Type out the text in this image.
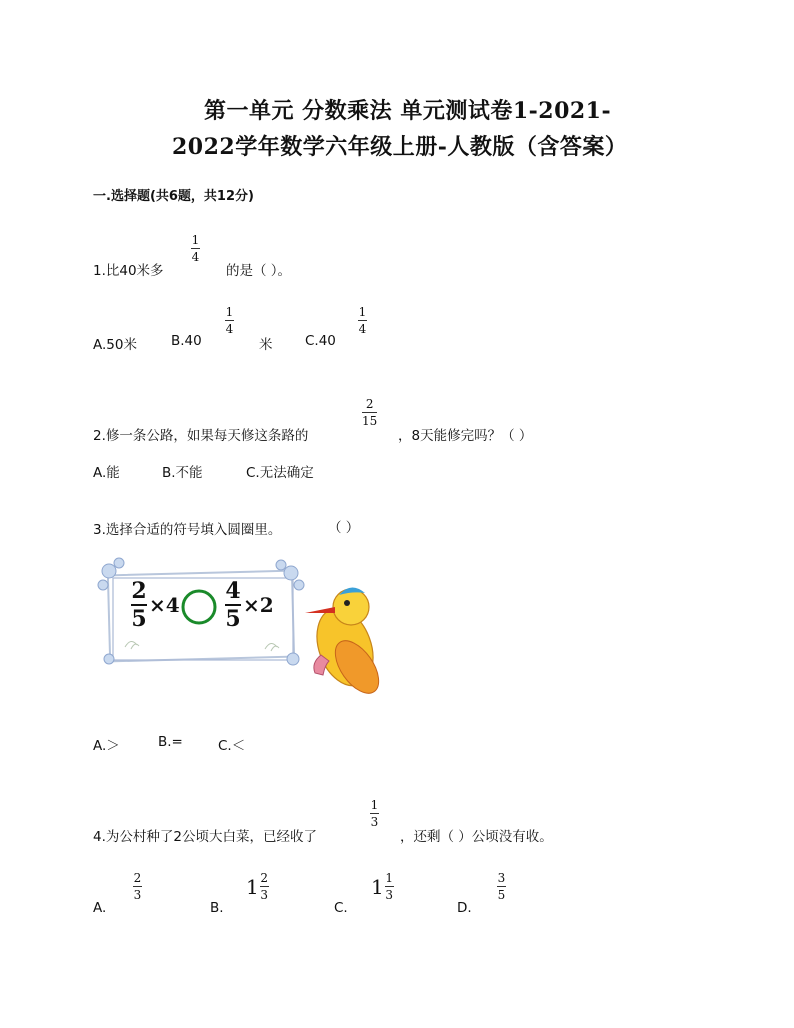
第一单元 分数乘法 单元测试卷1-2021-
2022学年数学六年级上册-人教版（含答案）
一.选择题(共6题，共12分)
1.比40米多
1
4
的是（ ）。
A.50米	B.40
1
4
米 C.40
1
4
2.修一条公路，如果每天修这条路的
2
15
，8天能修完吗？（ ）
A.能	B.不能	C.无法确定
3.选择合适的符号填入圆圈里。	（ ）
2
5
×4
4
5
×2
A.＞	B.=	C.＜
4.为公村种了2公顷大白菜，已经收了
1
3
，还剩（ ）公顷没有收。
A.
2
3
B.
1 2
3
C.
1 1
3
D.
3
5
